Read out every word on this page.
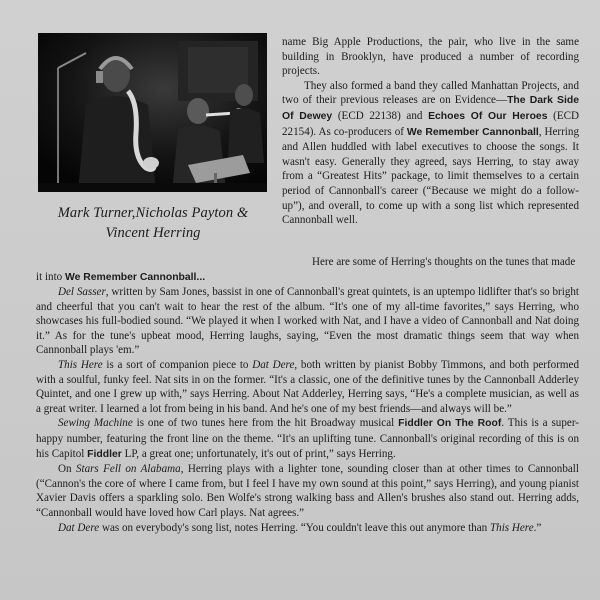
Mark Turner,Nicholas Payton &
Vincent Herring

name Big Apple Productions, the pair, who live in the same building in Brooklyn, have produced a number of recording projects.

They also formed a band they called Manhattan Projects, and two of their previous releases are on Evidence—The Dark Side Of Dewey (ECD 22138) and Echoes Of Our Heroes (ECD 22154). As co-producers of We Remember Cannonball, Herring and Allen huddled with label executives to choose the songs. It wasn't easy. Generally they agreed, says Herring, to stay away from a “Greatest Hits” package, to limit themselves to a certain period of Cannonball's career (“Because we might do a follow-up”), and overall, to come up with a song list which represented Cannonball well.

Here are some of Herring's thoughts on the tunes that made
it into We Remember Cannonball...

Del Sasser, written by Sam Jones, bassist in one of Cannonball's great quintets, is an uptempo lidlifter that's so bright and cheerful that you can't wait to hear the rest of the album. “It's one of my all-time favorites,” says Herring, who showcases his full-bodied sound. “We played it when I worked with Nat, and I have a video of Cannonball and Nat doing it.” As for the tune's upbeat mood, Herring laughs, saying, “Even the most dramatic things seem that way when Cannonball plays 'em.”

This Here is a sort of companion piece to Dat Dere, both written by pianist Bobby Timmons, and both performed with a soulful, funky feel. Nat sits in on the former. “It's a classic, one of the definitive tunes by the Cannonball Adderley Quintet, and one I grew up with,” says Herring. About Nat Adderley, Herring says, “He's a complete musician, as well as a great writer. I learned a lot from being in his band. And he's one of my best friends—and always will be.”

Sewing Machine is one of two tunes here from the hit Broadway musical Fiddler On The Roof. This is a super-happy number, featuring the front line on the theme. “It's an uplifting tune. Cannonball's original recording of this is on his Capitol Fiddler LP, a great one; unfortunately, it's out of print,” says Herring.

On Stars Fell on Alabama, Herring plays with a lighter tone, sounding closer than at other times to Cannonball (“Cannon's the core of where I came from, but I feel I have my own sound at this point,” says Herring), and young pianist Xavier Davis offers a sparkling solo. Ben Wolfe's strong walking bass and Allen's brushes also stand out. Herring adds, “Cannonball would have loved how Carl plays. Nat agrees.”

Dat Dere was on everybody's song list, notes Herring. “You couldn't leave this out anymore than This Here.”
